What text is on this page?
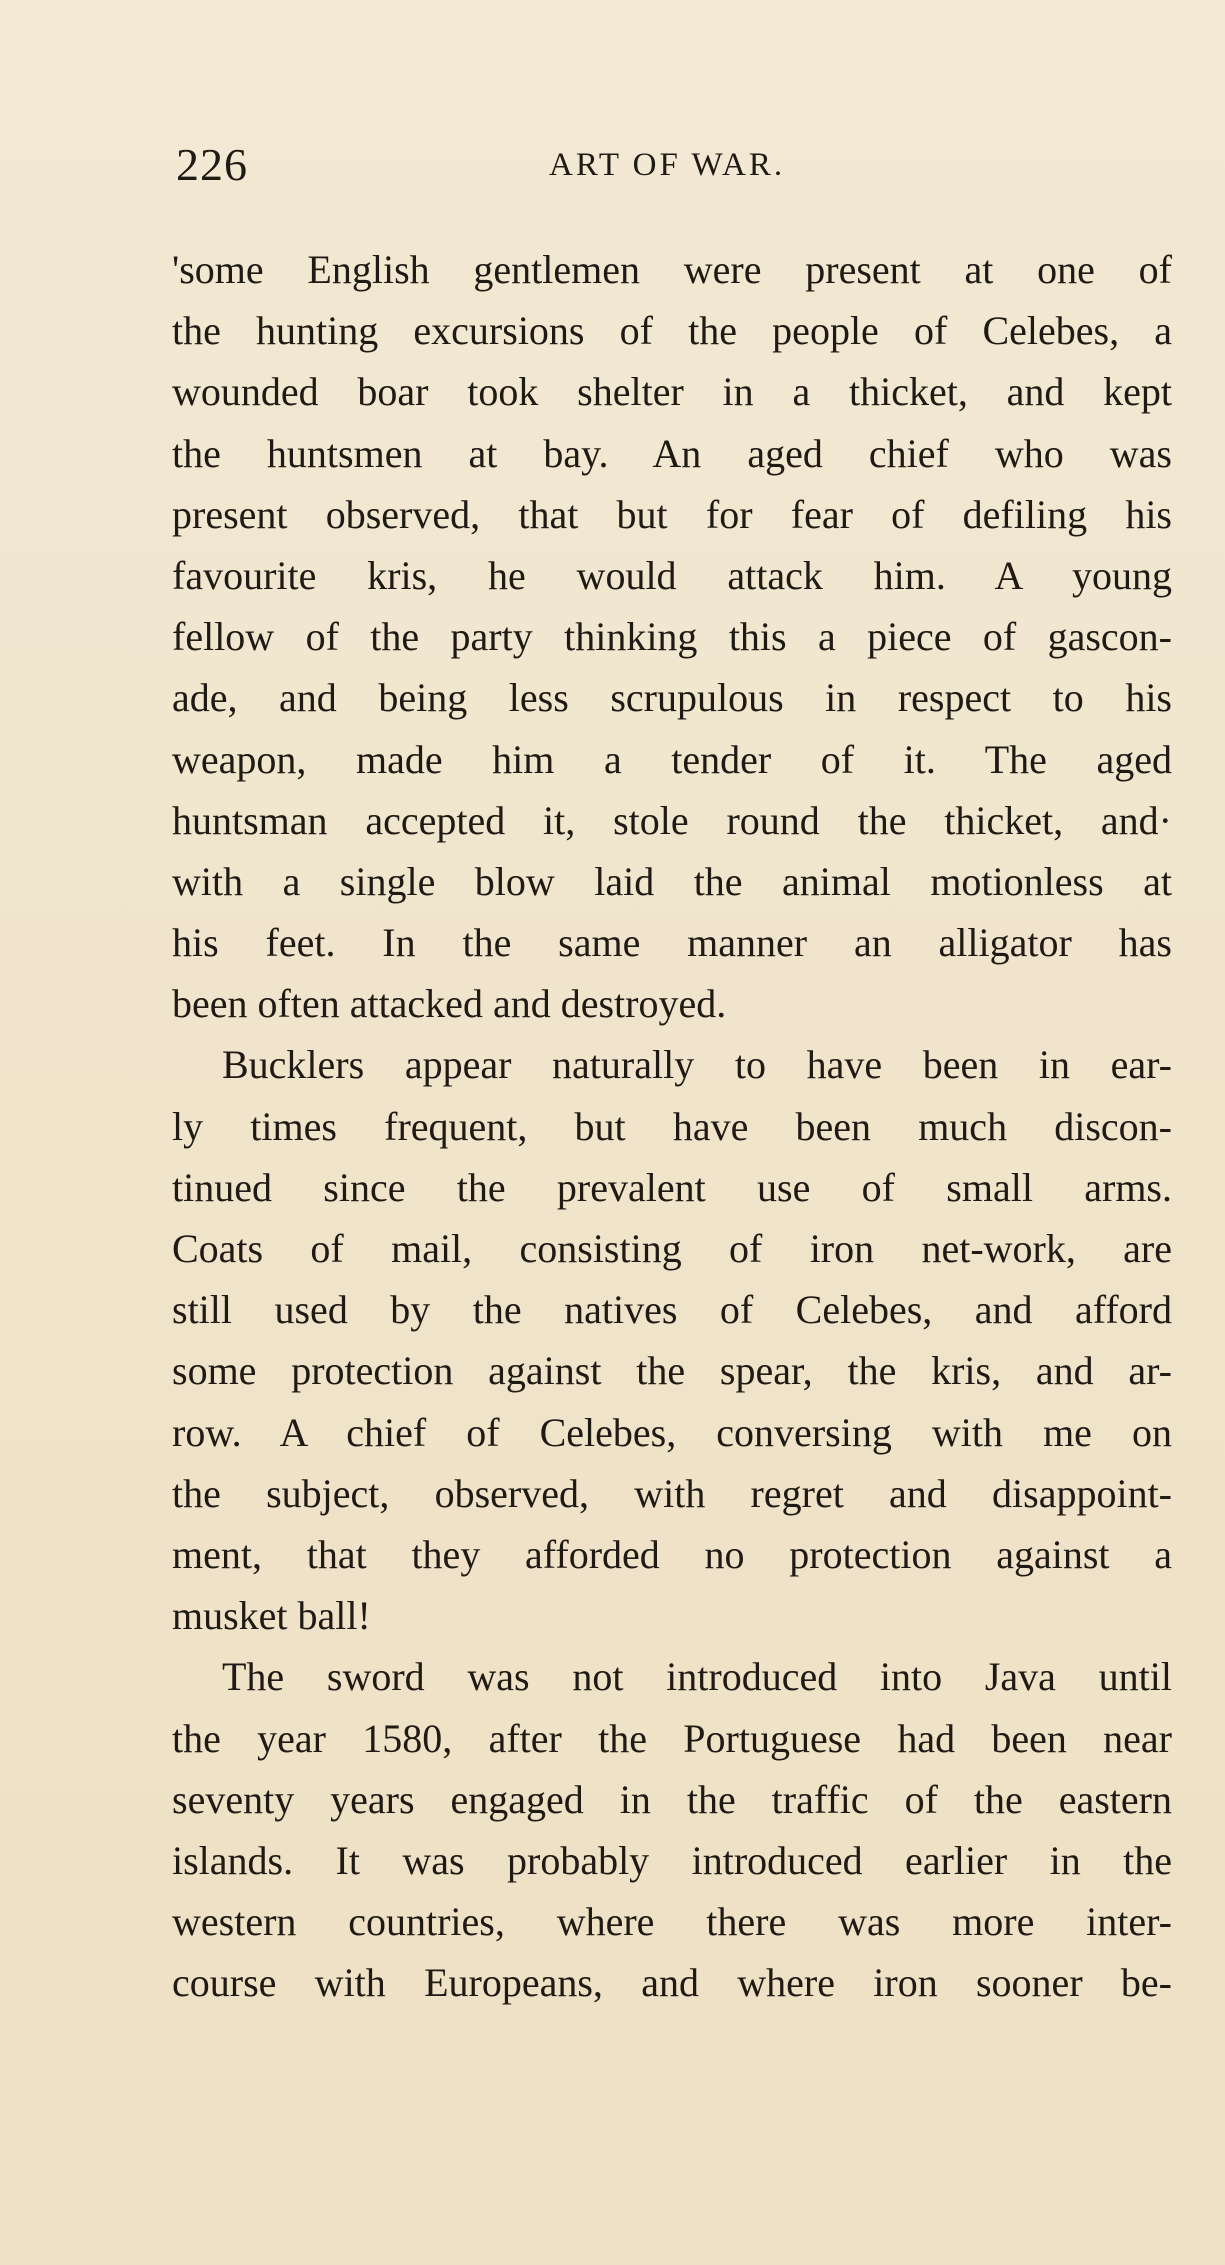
226	ART OF WAR.
'some English gentlemen were present at one of
the hunting excursions of the people of Celebes, a
wounded boar took shelter in a thicket, and kept
the huntsmen at bay. An aged chief who was
present observed, that but for fear of defiling his
favourite kris, he would attack him. A young
fellow of the party thinking this a piece of gascon-
ade, and being less scrupulous in respect to his
weapon, made him a tender of it. The aged
huntsman accepted it, stole round the thicket, and·
with a single blow laid the animal motionless at
his feet. In the same manner an alligator has
been often attacked and destroyed.
Bucklers appear naturally to have been in ear-
ly times frequent, but have been much discon-
tinued since the prevalent use of small arms.
Coats of mail, consisting of iron net-work, are
still used by the natives of Celebes, and afford
some protection against the spear, the kris, and ar-
row. A chief of Celebes, conversing with me on
the subject, observed, with regret and disappoint-
ment, that they afforded no protection against a
musket ball!
The sword was not introduced into Java until
the year 1580, after the Portuguese had been near
seventy years engaged in the traffic of the eastern
islands. It was probably introduced earlier in the
western countries, where there was more inter-
course with Europeans, and where iron sooner be-
